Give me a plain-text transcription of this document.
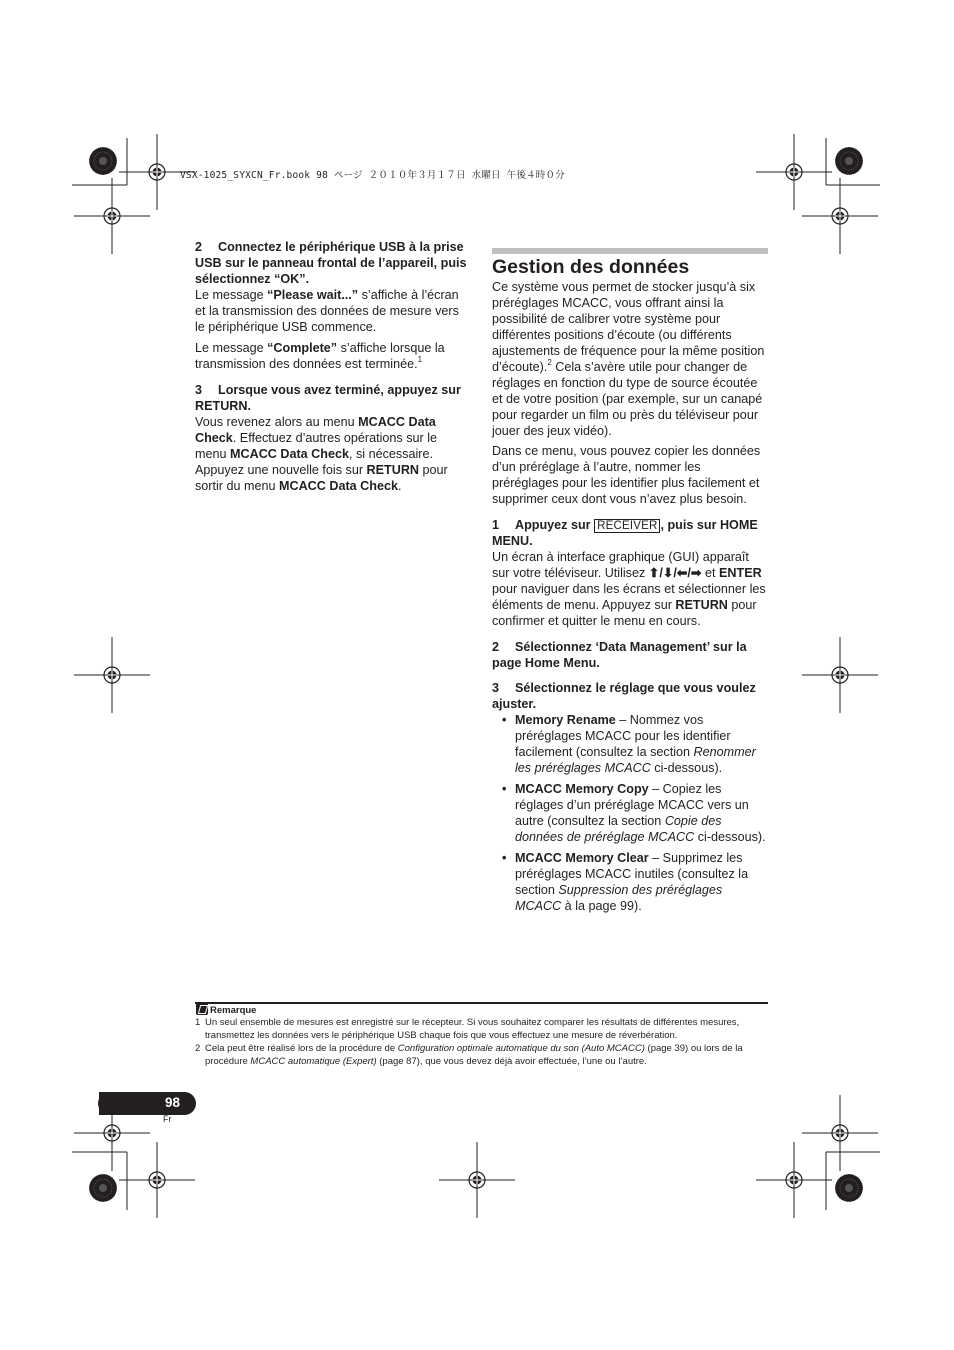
VSX-1025_SYXCN_Fr.book 98 ページ ２０１０年３月１７日 水曜日 午後４時０分

2 Connectez le périphérique USB à la prise USB sur le panneau frontal de l’appareil, puis sélectionnez “OK”.

Le message “Please wait...” s’affiche à l’écran et la transmission des données de mesure vers le périphérique USB commence.

Le message “Complete” s’affiche lorsque la transmission des données est terminée.$^1$

3 Lorsque vous avez terminé, appuyez sur RETURN.

Vous revenez alors au menu MCACC Data Check. Effectuez d’autres opérations sur le menu MCACC Data Check, si nécessaire. Appuyez une nouvelle fois sur RETURN pour sortir du menu MCACC Data Check.

Gestion des données

Ce système vous permet de stocker jusqu’à six préréglages MCACC, vous offrant ainsi la possibilité de calibrer votre système pour différentes positions d’écoute (ou différents ajustements de fréquence pour la même position d’écoute).$^2$ Cela s’avère utile pour changer de réglages en fonction du type de source écoutée et de votre position (par exemple, sur un canapé pour regarder un film ou près du téléviseur pour jouer des jeux vidéo).

Dans ce menu, vous pouvez copier les données d’un préréglage à l’autre, nommer les préréglages pour les identifier plus facilement et supprimer ceux dont vous n’avez plus besoin.

1 Appuyez sur RECEIVER , puis sur HOME MENU.

Un écran à interface graphique (GUI) apparaît sur votre téléviseur. Utilisez ⬆/⬇/⬅/➡ et ENTER pour naviguer dans les écrans et sélectionner les éléments de menu. Appuyez sur RETURN pour confirmer et quitter le menu en cours.

2 Sélectionnez ‘Data Management’ sur la page Home Menu.

3 Sélectionnez le réglage que vous voulez ajuster.

• Memory Rename – Nommez vos préréglages MCACC pour les identifier facilement (consultez la section Renommer les préréglages MCACC ci-dessous).
• MCACC Memory Copy – Copiez les réglages d’un préréglage MCACC vers un autre (consultez la section Copie des données de préréglage MCACC ci-dessous).
• MCACC Memory Clear – Supprimez les préréglages MCACC inutiles (consultez la section Suppression des préréglages MCACC à la page 99).
Remarque
1 Un seul ensemble de mesures est enregistré sur le récepteur. Si vous souhaitez comparer les résultats de différentes mesures, transmettez les données vers le périphérique USB chaque fois que vous effectuez une mesure de réverbération.
2 Cela peut être réalisé lors de la procédure de Configuration optimale automatique du son (Auto MCACC) (page 39) ou lors de la procédure MCACC automatique (Expert) (page 87), que vous devez déjà avoir effectuée, l’une ou l’autre.
98
Fr
